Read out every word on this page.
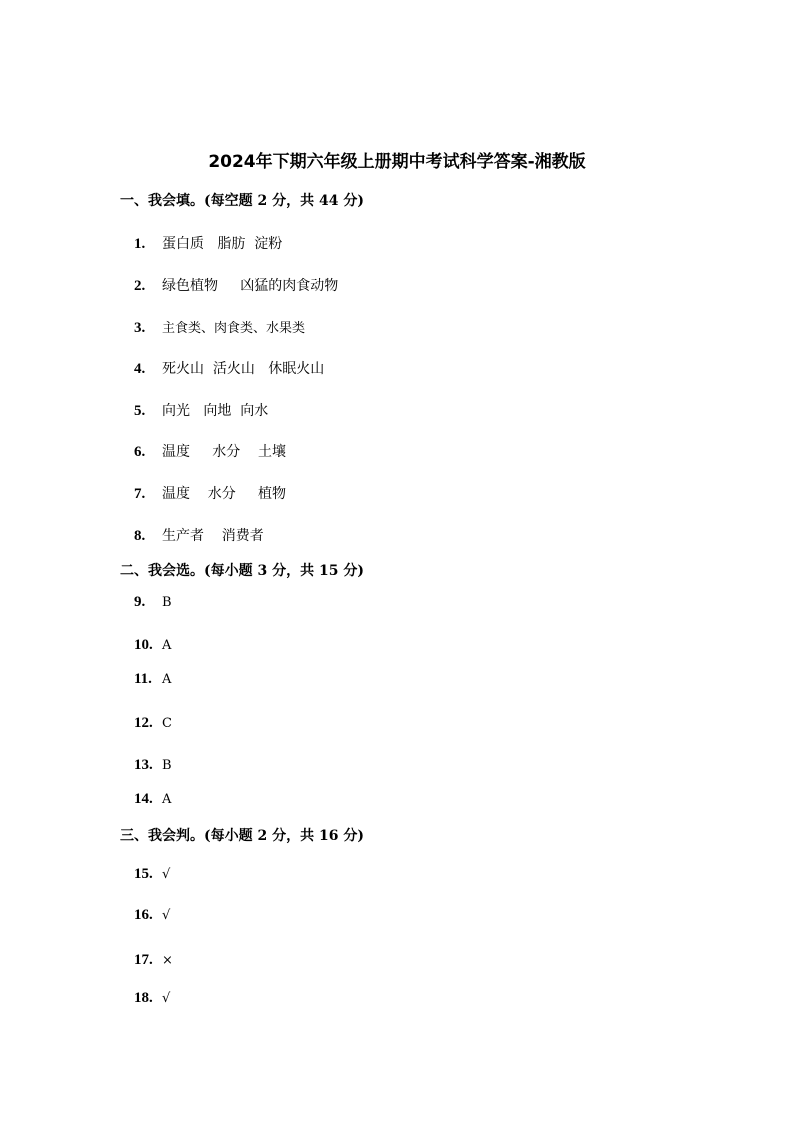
2024年下期六年级上册期中考试科学答案-湘教版
一、我会填。(每空题 2 分，共 44 分)
1. 蛋白质   脂肪  淀粉
2. 绿色植物     凶猛的肉食动物
3. 主食类、肉食类、水果类
4. 死火山  活火山   休眠火山
5. 向光   向地  向水
6. 温度     水分    土壤
7. 温度    水分     植物
8. 生产者    消费者
二、我会选。(每小题 3 分，共 15 分)
9. B
10. A
11. A
12. C
13. B
14. A
三、我会判。(每小题 2 分，共 16 分)
15. √
16. √
17. ×
18. √
